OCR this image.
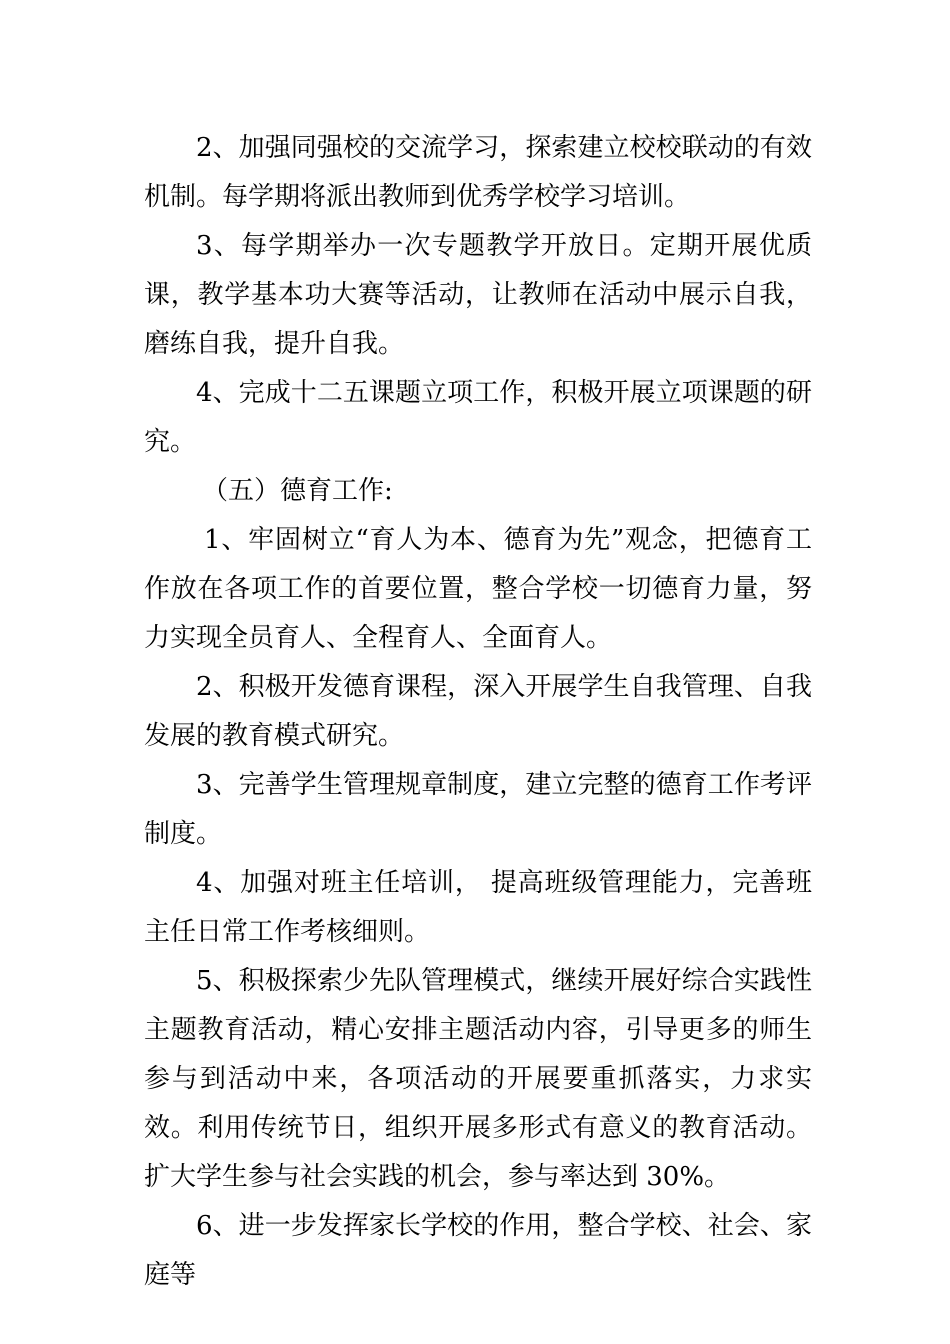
2、加强同强校的交流学习，探索建立校校联动的有效机制。每学期将派出教师到优秀学校学习培训。

3、每学期举办一次专题教学开放日。定期开展优质课，教学基本功大赛等活动，让教师在活动中展示自我，磨练自我，提升自我。

4、完成十二五课题立项工作，积极开展立项课题的研究。

（五）德育工作:

1、牢固树立“育人为本、德育为先”观念，把德育工作放在各项工作的首要位置，整合学校一切德育力量，努力实现全员育人、全程育人、全面育人。

2、积极开发德育课程，深入开展学生自我管理、自我发展的教育模式研究。

3、完善学生管理规章制度，建立完整的德育工作考评制度。

4、加强对班主任培训， 提高班级管理能力，完善班主任日常工作考核细则。

5、积极探索少先队管理模式，继续开展好综合实践性主题教育活动，精心安排主题活动内容，引导更多的师生参与到活动中来，各项活动的开展要重抓落实，力求实效。利用传统节日，组织开展多形式有意义的教育活动。扩大学生参与社会实践的机会，参与率达到 30%。

6、进一步发挥家长学校的作用，整合学校、社会、家庭等
